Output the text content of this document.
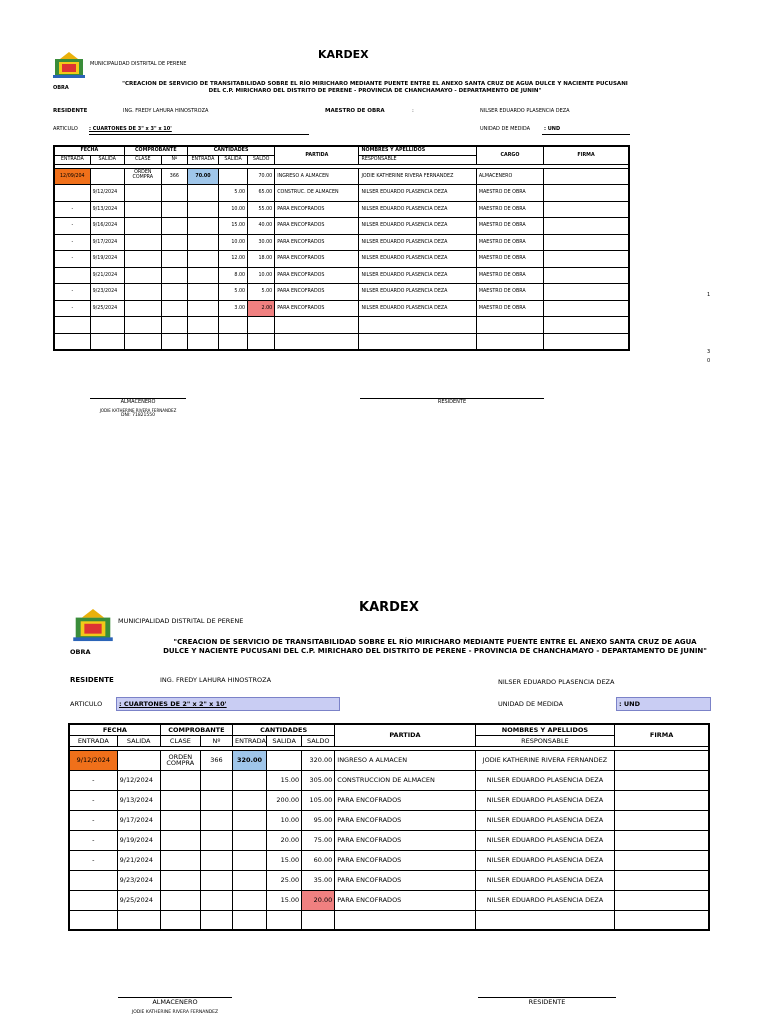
KARDEX
MUNICIPALIDAD DISTRITAL DE PERENE
OBRA
"CREACION DE SERVICIO DE TRANSITABILIDAD SOBRE EL RÍO MIRICHARO MEDIANTE PUENTE ENTRE EL ANEXO SANTA CRUZ DE AGUA DULCE Y NACIENTE PUCUSANI DEL C.P. MIRICHARO DEL DISTRITO DE PERENE - PROVINCIA DE CHANCHAMAYO - DEPARTAMENTO DE JUNIN"
RESIDENTE	ING. FREDY LAHURA HINOSTROZA	MAESTRO DE OBRA	:	NILSER EDUARDO PLASENCIA DEZA
ARTICULO : CUARTONES DE 3" x 3" x 10'	UNIDAD DE MEDIDA	: UND
FECHA		COMPROBANTE		CANTIDADES			PARTIDA	NOMBRES Y APELLIDOS	CARGO	FIRMA
ENTRADA	SALIDA	CLASE	Nº	ENTRADA	SALIDA	SALDO		RESPONSABLE		

12/09/204		ORDEN COMPRA	366	70.00		70.00	INGRESO A ALMACEN	JODIE KATHERINE RIVERA FERNANDEZ	ALMACENERO	
	9/12/2024				5.00	65.00	CONSTRUC. DE ALMACEN	NILSER EDUARDO PLASENCIA DEZA	MAESTRO DE OBRA	
-	9/13/2024				10.00	55.00	PARA ENCOFRADOS	NILSER EDUARDO PLASENCIA DEZA	MAESTRO DE OBRA	
-	9/16/2024				15.00	40.00	PARA ENCOFRADOS	NILSER EDUARDO PLASENCIA DEZA	MAESTRO DE OBRA	
-	9/17/2024				10.00	30.00	PARA ENCOFRADOS	NILSER EDUARDO PLASENCIA DEZA	MAESTRO DE OBRA	
-	9/19/2024				12.00	18.00	PARA ENCOFRADOS	NILSER EDUARDO PLASENCIA DEZA	MAESTRO DE OBRA	
	9/21/2024				8.00	10.00	PARA ENCOFRADOS	NILSER EDUARDO PLASENCIA DEZA	MAESTRO DE OBRA	
-	9/23/2024				5.00	5.00	PARA ENCOFRADOS	NILSER EDUARDO PLASENCIA DEZA	MAESTRO DE OBRA	
-	9/25/2024				3.00	2.00	PARA ENCOFRADOS	NILSER EDUARDO PLASENCIA DEZA	MAESTRO DE OBRA	

ALMACENERO
JODIE KATHERINE RIVERA FERNANDEZ
DNI: 71821550
RESIDENTE
1
3
0
KARDEX
MUNICIPALIDAD DISTRITAL DE PERENE
OBRA
"CREACION DE SERVICIO DE TRANSITABILIDAD SOBRE EL RÍO MIRICHARO MEDIANTE PUENTE ENTRE EL ANEXO SANTA CRUZ DE AGUA DULCE Y NACIENTE PUCUSANI DEL C.P. MIRICHARO DEL DISTRITO DE PERENE - PROVINCIA DE CHANCHAMAYO - DEPARTAMENTO DE JUNIN"
RESIDENTE	ING. FREDY LAHURA HINOSTROZA	NILSER EDUARDO PLASENCIA DEZA
ARTICULO	: CUARTONES DE 2" x 2" x 10'	UNIDAD DE MEDIDA	: UND
FECHA		COMPROBANTE		CANTIDADES			PARTIDA	NOMBRES Y APELLIDOS	FIRMA
ENTRADA	SALIDA	CLASE	Nº	ENTRADA	SALIDA	SALDO		RESPONSABLE	

9/12/2024		ORDEN COMPRA	366	320.00		320.00	INGRESO A ALMACEN	JODIE KATHERINE RIVERA FERNANDEZ	
-	9/12/2024				15.00	305.00	CONSTRUCCION DE ALMACEN	NILSER EDUARDO PLASENCIA DEZA	
-	9/13/2024				200.00	105.00	PARA ENCOFRADOS	NILSER EDUARDO PLASENCIA DEZA	
-	9/17/2024				10.00	95.00	PARA ENCOFRADOS	NILSER EDUARDO PLASENCIA DEZA	
-	9/19/2024				20.00	75.00	PARA ENCOFRADOS	NILSER EDUARDO PLASENCIA DEZA	
-	9/21/2024				15.00	60.00	PARA ENCOFRADOS	NILSER EDUARDO PLASENCIA DEZA	
	9/23/2024				25.00	35.00	PARA ENCOFRADOS	NILSER EDUARDO PLASENCIA DEZA	
	9/25/2024				15.00	20.00	PARA ENCOFRADOS	NILSER EDUARDO PLASENCIA DEZA	

ALMACENERO
JODIE KATHERINE RIVERA FERNANDEZ
RESIDENTE
